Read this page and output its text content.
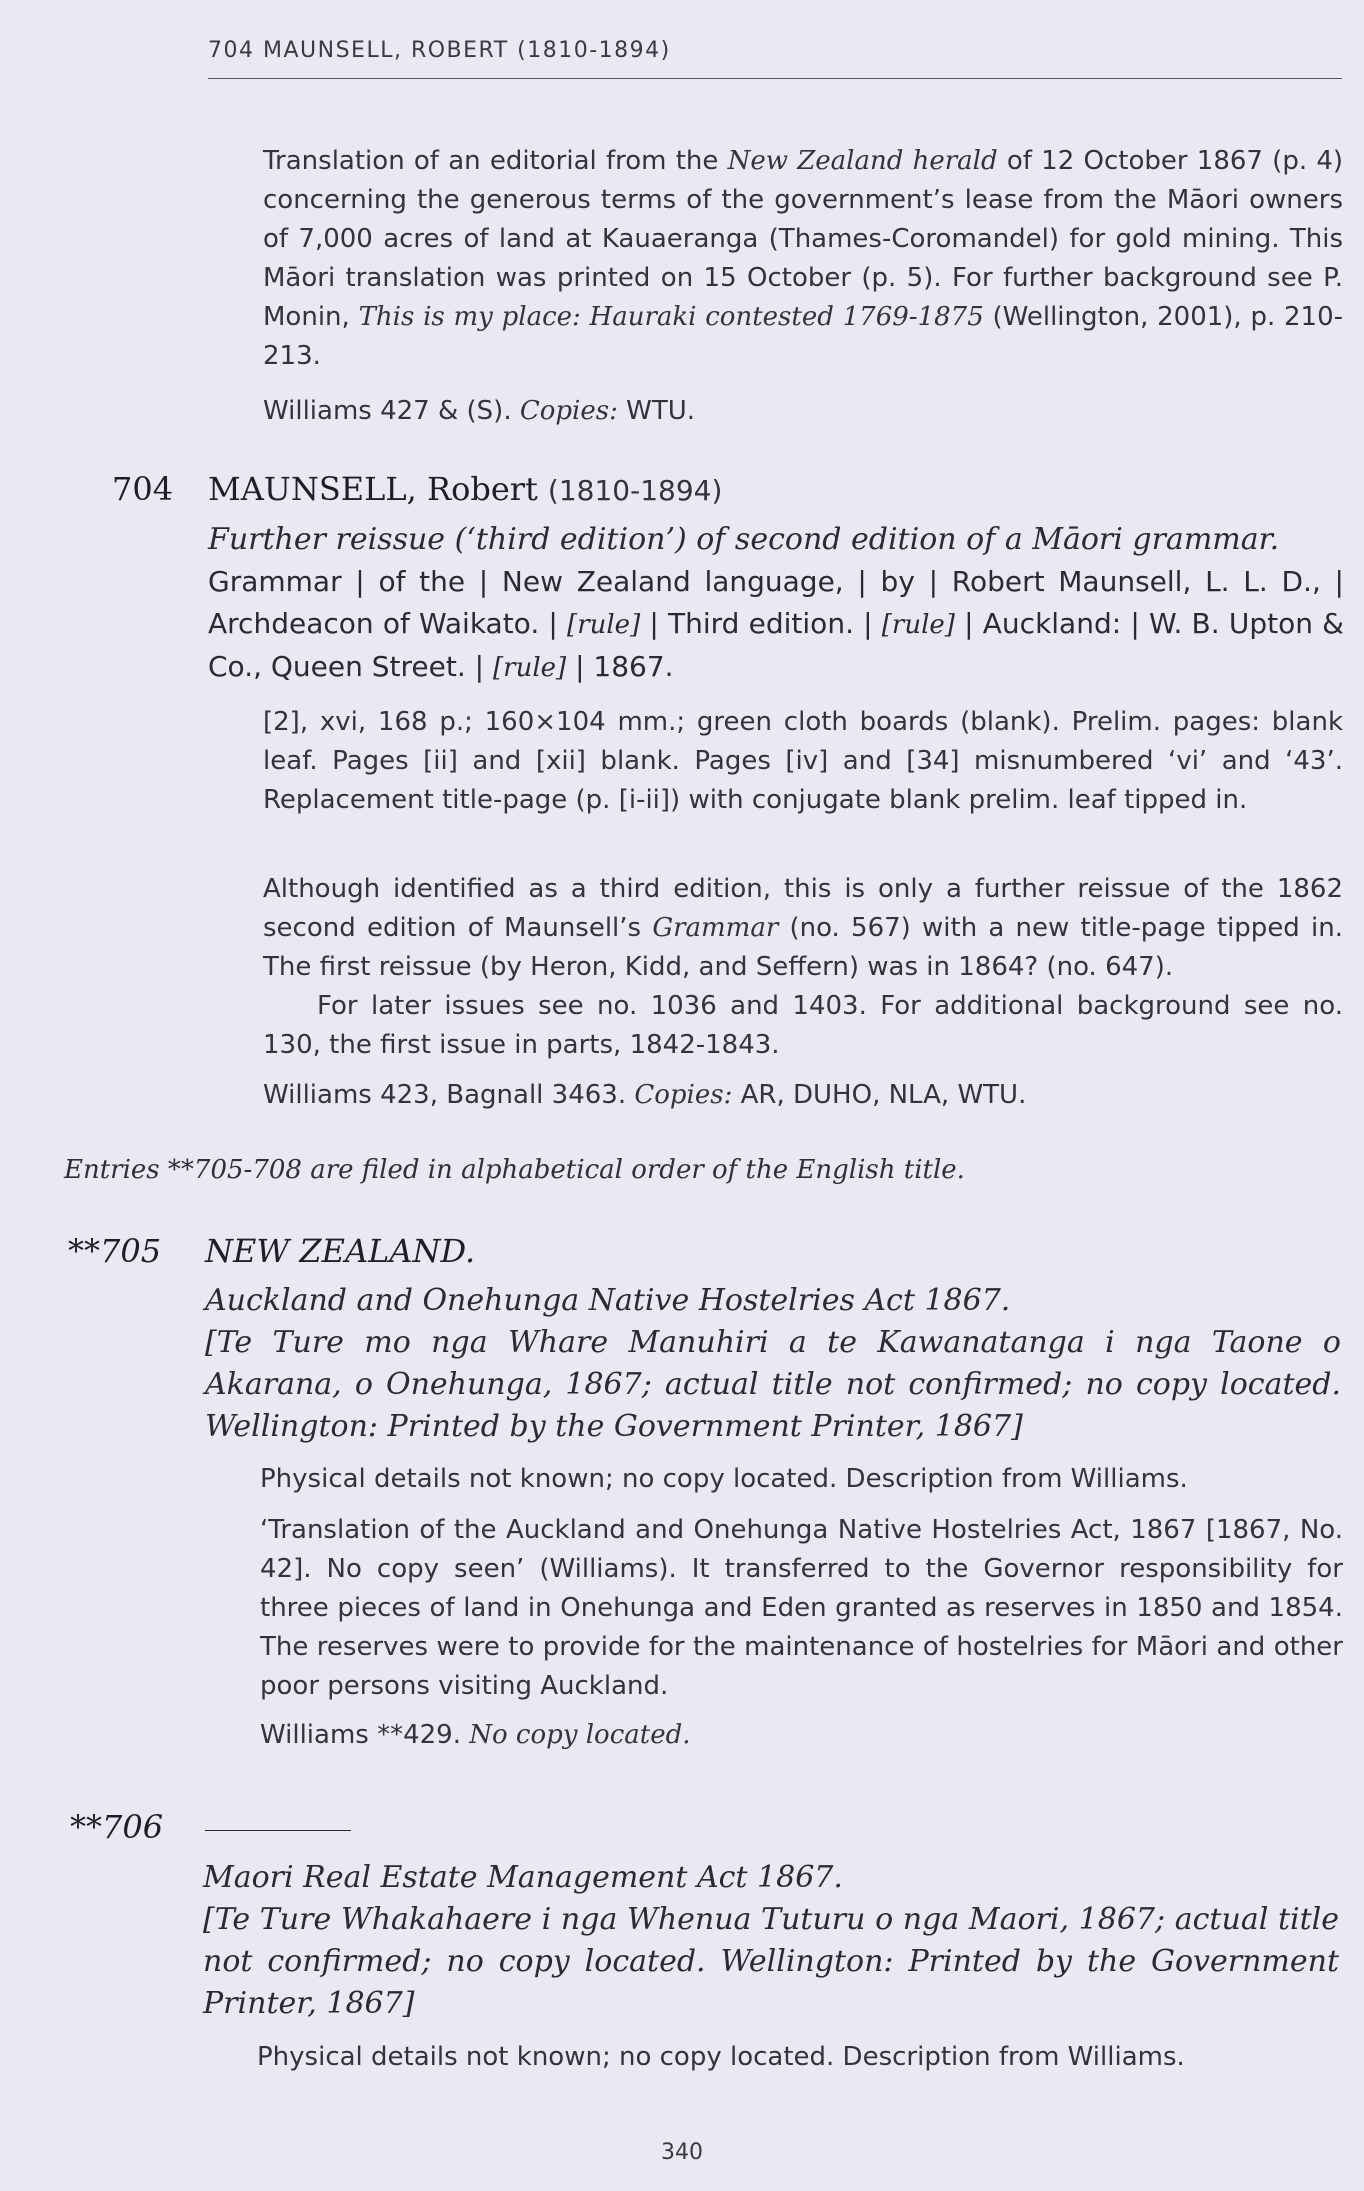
704 MAUNSELL, ROBERT (1810-1894)

Translation of an editorial from the New Zealand herald of 12 October 1867 (p. 4) concerning the generous terms of the government’s lease from the Māori owners of 7,000 acres of land at Kauaeranga (Thames-Coromandel) for gold mining. This Māori translation was printed on 15 October (p. 5). For further background see P. Monin, This is my place: Hauraki contested 1769-1875 (Wellington, 2001), p. 210-213.

Williams 427 & (S). Copies: WTU.
704 MAUNSELL, Robert (1810-1894)
Further reissue (‘third edition’) of second edition of a Māori grammar.
Grammar | of the | New Zealand language, | by | Robert Maunsell, L. L. D., | Archdeacon of Waikato. | [rule] | Third edition. | [rule] | Auckland: | W. B. Upton & Co., Queen Street. | [rule] | 1867.
[2], xvi, 168 p.; 160×104 mm.; green cloth boards (blank). Prelim. pages: blank leaf. Pages [ii] and [xii] blank. Pages [iv] and [34] misnumbered ‘vi’ and ‘43’. Replacement title-page (p. [i-ii]) with conjugate blank prelim. leaf tipped in.

Although identified as a third edition, this is only a further reissue of the 1862 second edition of Maunsell’s Grammar (no. 567) with a new title-page tipped in. The first reissue (by Heron, Kidd, and Seffern) was in 1864? (no. 647).

For later issues see no. 1036 and 1403. For additional background see no. 130, the first issue in parts, 1842-1843.

Williams 423, Bagnall 3463. Copies: AR, DUHO, NLA, WTU.
Entries **705-708 are filed in alphabetical order of the English title.
**705 NEW ZEALAND.
Auckland and Onehunga Native Hostelries Act 1867.
[Te Ture mo nga Whare Manuhiri a te Kawanatanga i nga Taone o Akarana, o Onehunga, 1867; actual title not confirmed; no copy located. Wellington: Printed by the Government Printer, 1867]
Physical details not known; no copy located. Description from Williams.
‘Translation of the Auckland and Onehunga Native Hostelries Act, 1867 [1867, No. 42]. No copy seen’ (Williams). It transferred to the Governor responsibility for three pieces of land in Onehunga and Eden granted as reserves in 1850 and 1854. The reserves were to provide for the maintenance of hostelries for Māori and other poor persons visiting Auckland.
Williams **429. No copy located.
**706
Maori Real Estate Management Act 1867.
[Te Ture Whakahaere i nga Whenua Tuturu o nga Maori, 1867; actual title not confirmed; no copy located. Wellington: Printed by the Government Printer, 1867]
Physical details not known; no copy located. Description from Williams.
340
